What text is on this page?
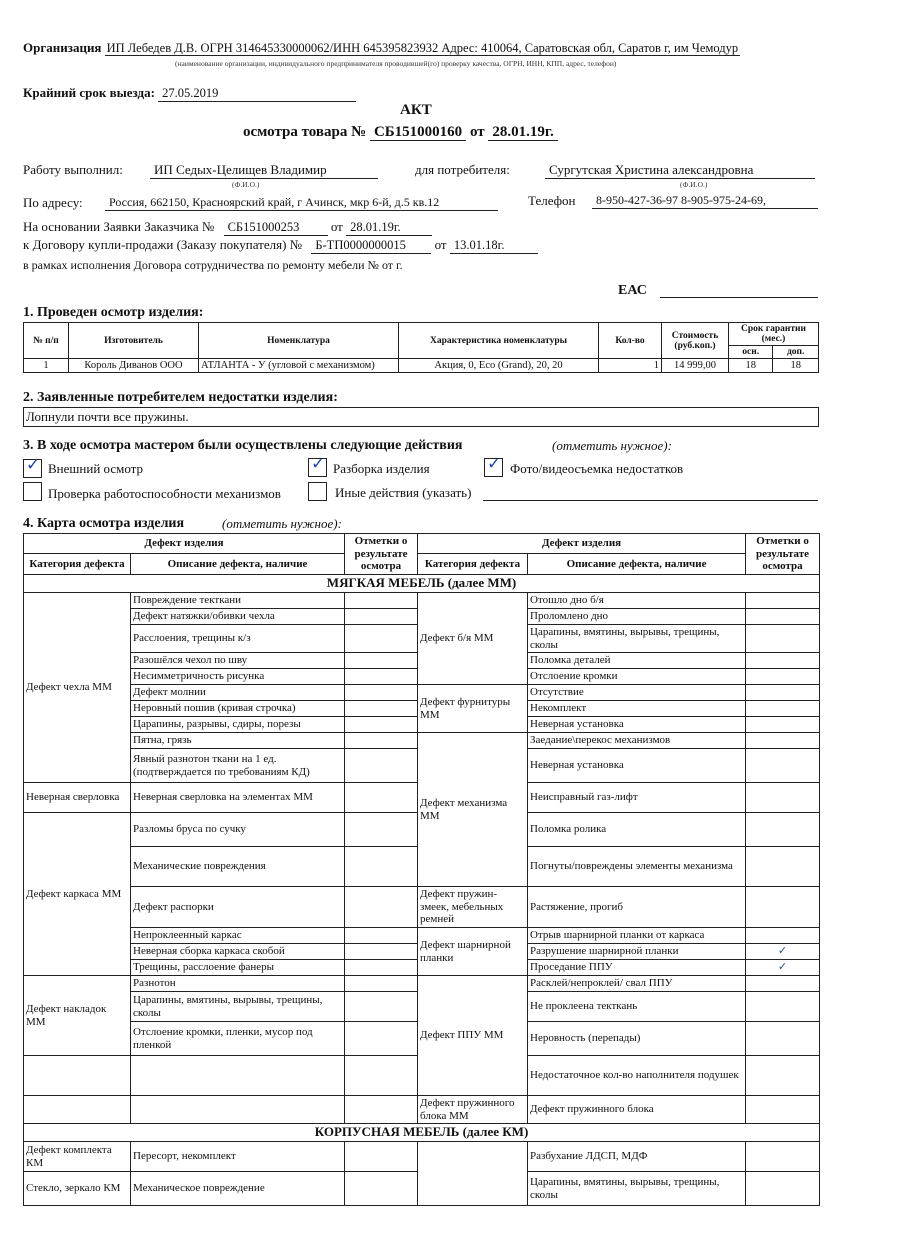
Организация ИП Лебедев Д.В. ОГРН 314645330000062/ИНН 645395823932 Адрес: 410064, Саратовская обл, Саратов г, им Чемодур
(наименование организации, индивидуального предпринимателя проводившей(го) проверку качества, ОГРН, ИНН, КПП, адрес, телефон)
Крайний срок выезда: 27.05.2019
АКТ
осмотра товара № СБ151000160 от 28.01.19г.
Работу выполнил:	ИП Седых-Целищев Владимир
(Ф.И.О.)
для потребителя:	Сургутская Христина александровна
(Ф.И.О.)
По адресу:	Россия, 662150, Красноярский край, г Ачинск, мкр 6-й, д.5 кв.12	Телефон	8-950-427-36-97 8-905-975-24-69,
На основании Заявки Заказчика № СБ151000253 от 28.01.19г.
к Договору купли-продажи (Заказу покупателя) № Б-ТП0000000015 от 13.01.18г.
в рамках исполнения Договора сотрудничества по ремонту мебели № от г.
ЕАС
1. Проведен осмотр изделия:
№ п/п	Изготовитель	Номенклатура	Характеристика номенклатуры	Кол-во	Стоимость (руб.коп.)	Срок гарантии (мес.)	
						осн.	доп.
1	Король Диванов ООО	АТЛАНТА - У (угловой с механизмом)	Акция, 0, Eco (Grand), 20, 20	1	14 999,00	18	18
2. Заявленные потребителем недостатки изделия:
Лопнули почти все пружины.
3. В ходе осмотра мастером были осуществлены следующие действия	(отметить нужное):
✓ Внешний осмотр	✓ Разборка изделия	✓ Фото/видеосъемка недостатков
Проверка работоспособности механизмов	Иные действия (указать)
4. Карта осмотра изделия	(отметить нужное):
Дефект изделия		Отметки о результате осмотра	Дефект изделия		Отметки о результате осмотра
Категория дефекта	Описание дефекта, наличие		Категория дефекта	Описание дефекта, наличие	
МЯГКАЯ МЕБЕЛЬ (далее ММ)					
Дефект чехла ММ	Повреждение текткани		Дефект б/я ММ	Отошло дно б/я	
	Дефект натяжки/обивки чехла			Проломлено дно	
	Расслоения, трещины к/з			Царапины, вмятины, вырывы, трещины, сколы	
	Разошёлся чехол по шву			Поломка деталей	
	Несимметричность рисунка			Отслоение кромки	
	Дефект молнии		Дефект фурнитуры ММ	Отсутствие	
	Неровный пошив (кривая строчка)			Некомплект	
	Царапины, разрывы, сдиры, порезы			Неверная установка	
	Пятна, грязь		Дефект механизма ММ	Заедание\перекос механизмов	
	Явный разнотон ткани на 1 ед. (подтверждается по требованиям КД)			Неверная установка	
Неверная сверловка	Неверная сверловка на элементах ММ			Неисправный газ-лифт	
Дефект каркаса ММ	Разломы бруса по сучку			Поломка ролика	
	Механические повреждения			Погнуты/повреждены элементы механизма	
	Дефект распорки		Дефект пружин-змеек, мебельных ремней	Растяжение, прогиб	
	Непроклеенный каркас		Дефект шарнирной планки	Отрыв шарнирной планки от каркаса	
	Неверная сборка каркаса скобой			Разрушение шарнирной планки	✓
	Трещины, расслоение фанеры			Проседание ППУ	✓
Дефект накладок ММ	Разнотон		Дефект ППУ ММ	Расклей/непроклей/ свал ППУ	
	Царапины, вмятины, вырывы, трещины, сколы			Не проклеена текткань	
	Отслоение кромки, пленки, мусор под пленкой			Неровность (перепады)	
				Недостаточное кол-во наполнителя подушек	
			Дефект пружинного блока ММ	Дефект пружинного блока	
КОРПУСНАЯ МЕБЕЛЬ (далее КМ)					
Дефект комплекта КМ	Пересорт, некомплект			Разбухание ЛДСП, МДФ	
Стекло, зеркало КМ	Механическое повреждение			Царапины, вмятины, вырывы, трещины, сколы	
